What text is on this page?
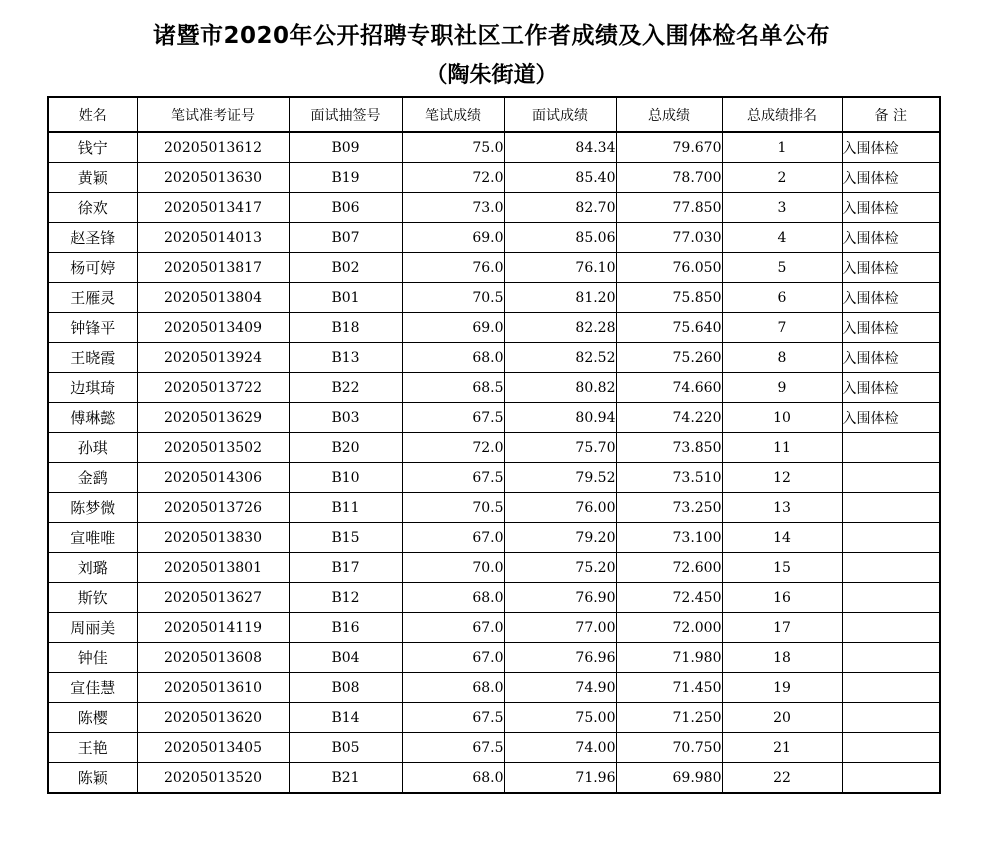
诸暨市2020年公开招聘专职社区工作者成绩及入围体检名单公布
（陶朱街道）
姓名	笔试准考证号	面试抽签号	笔试成绩	面试成绩	总成绩	总成绩排名	备 注
钱宁	20205013612	B09	75.0	84.34	79.670	1	入围体检
黄颖	20205013630	B19	72.0	85.40	78.700	2	入围体检
徐欢	20205013417	B06	73.0	82.70	77.850	3	入围体检
赵圣锋	20205014013	B07	69.0	85.06	77.030	4	入围体检
杨可婷	20205013817	B02	76.0	76.10	76.050	5	入围体检
王雁灵	20205013804	B01	70.5	81.20	75.850	6	入围体检
钟锋平	20205013409	B18	69.0	82.28	75.640	7	入围体检
王晓霞	20205013924	B13	68.0	82.52	75.260	8	入围体检
边琪琦	20205013722	B22	68.5	80.82	74.660	9	入围体检
傅琳懿	20205013629	B03	67.5	80.94	74.220	10	入围体检
孙琪	20205013502	B20	72.0	75.70	73.850	11	
金鹞	20205014306	B10	67.5	79.52	73.510	12	
陈梦微	20205013726	B11	70.5	76.00	73.250	13	
宣唯唯	20205013830	B15	67.0	79.20	73.100	14	
刘璐	20205013801	B17	70.0	75.20	72.600	15	
斯钦	20205013627	B12	68.0	76.90	72.450	16	
周丽美	20205014119	B16	67.0	77.00	72.000	17	
钟佳	20205013608	B04	67.0	76.96	71.980	18	
宣佳慧	20205013610	B08	68.0	74.90	71.450	19	
陈樱	20205013620	B14	67.5	75.00	71.250	20	
王艳	20205013405	B05	67.5	74.00	70.750	21	
陈颖	20205013520	B21	68.0	71.96	69.980	22	
